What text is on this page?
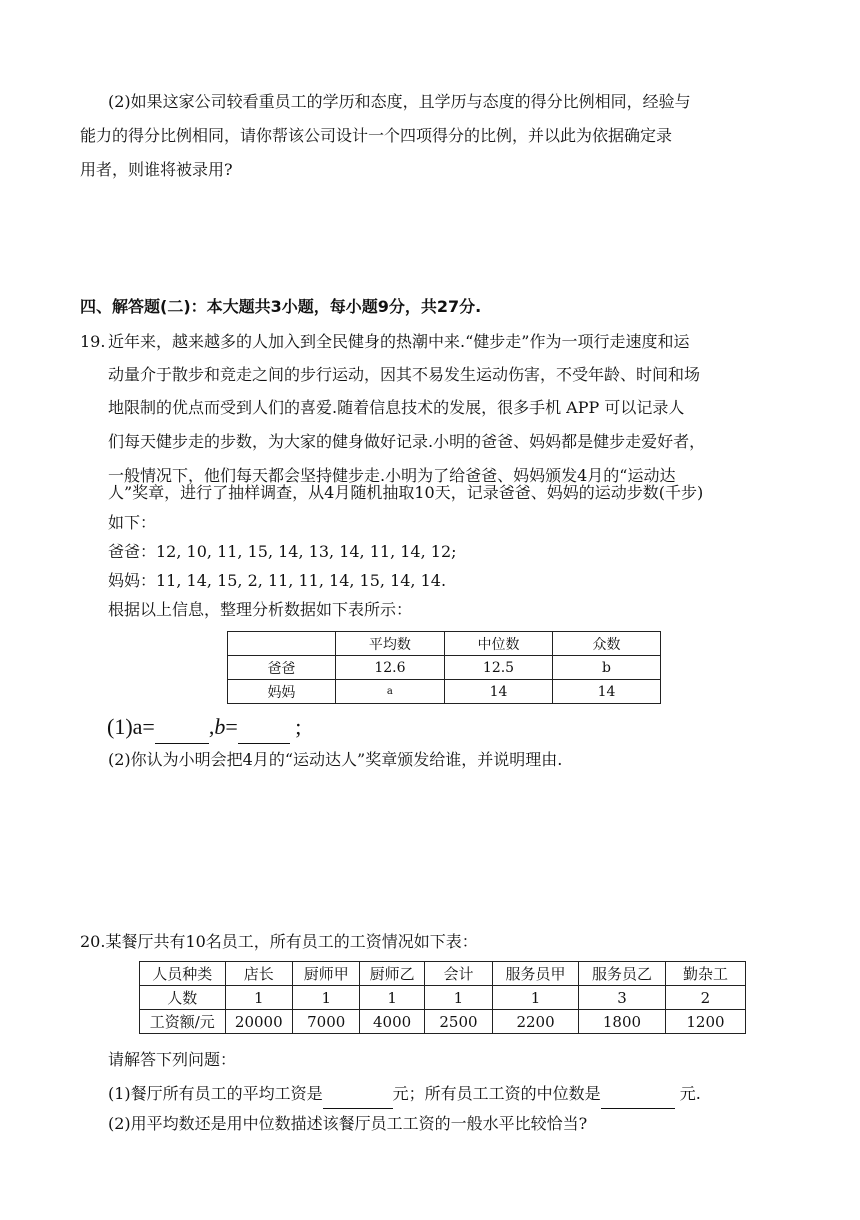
(2)如果这家公司较看重员工的学历和态度，且学历与态度的得分比例相同，经验与
能力的得分比例相同，请你帮该公司设计一个四项得分的比例，并以此为依据确定录
用者，则谁将被录用?
四、解答题(二)：本大题共3小题，每小题9分，共27分.
19. 近年来，越来越多的人加入到全民健身的热潮中来.“健步走”作为一项行走速度和运
动量介于散步和竞走之间的步行运动，因其不易发生运动伤害，不受年龄、时间和场
地限制的优点而受到人们的喜爱.随着信息技术的发展，很多手机 APP 可以记录人
们每天健步走的步数，为大家的健身做好记录.小明的爸爸、妈妈都是健步走爱好者，
一般情况下，他们每天都会坚持健步走.小明为了给爸爸、妈妈颁发4月的“运动达
人”奖章，进行了抽样调查，从4月随机抽取10天，记录爸爸、妈妈的运动步数(千步)
如下：
爸爸：12, 10, 11, 15, 14, 13, 14, 11, 14, 12;
妈妈：11, 14, 15, 2, 11, 11, 14, 15, 14, 14.
根据以上信息，整理分析数据如下表所示：
	平均数	中位数	众数
爸爸	12.6	12.5	b
妈妈	a	14	14
(1)a= ,b=	;
(2)你认为小明会把4月的“运动达人”奖章颁发给谁，并说明理由.
20.某餐厅共有10名员工，所有员工的工资情况如下表：
人员种类	店长	厨师甲	厨师乙	会计	服务员甲	服务员乙	勤杂工
人数	1	1	1	1	1	3	2
工资额/元	20000	7000	4000	2500	2200	1800	1200
请解答下列问题：
(1)餐厅所有员工的平均工资是	元；所有员工工资的中位数是	元.
(2)用平均数还是用中位数描述该餐厅员工工资的一般水平比较恰当?
